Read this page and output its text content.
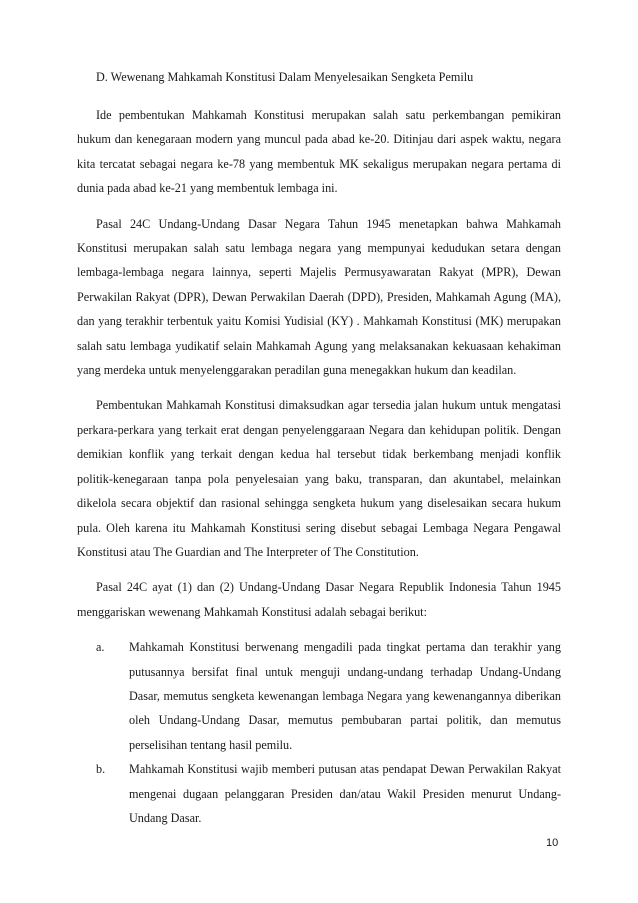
D. Wewenang Mahkamah Konstitusi Dalam Menyelesaikan Sengketa Pemilu

Ide pembentukan Mahkamah Konstitusi merupakan salah satu perkembangan pemikiran hukum dan kenegaraan modern yang muncul pada abad ke-20. Ditinjau dari aspek waktu, negara kita tercatat sebagai negara ke-78 yang membentuk MK sekaligus merupakan negara pertama di dunia pada abad ke-21 yang membentuk lembaga ini.

Pasal 24C Undang-Undang Dasar Negara Tahun 1945 menetapkan bahwa Mahkamah Konstitusi merupakan salah satu lembaga negara yang mempunyai kedudukan setara dengan lembaga-lembaga negara lainnya, seperti Majelis Permusyawaratan Rakyat (MPR), Dewan Perwakilan Rakyat (DPR), Dewan Perwakilan Daerah (DPD), Presiden, Mahkamah Agung (MA), dan yang terakhir terbentuk yaitu Komisi Yudisial (KY) . Mahkamah Konstitusi (MK) merupakan salah satu lembaga yudikatif selain Mahkamah Agung yang melaksanakan kekuasaan kehakiman yang merdeka untuk menyelenggarakan peradilan guna menegakkan hukum dan keadilan.

Pembentukan Mahkamah Konstitusi dimaksudkan agar tersedia jalan hukum untuk mengatasi perkara-perkara yang terkait erat dengan penyelenggaraan Negara dan kehidupan politik. Dengan demikian konflik yang terkait dengan kedua hal tersebut tidak berkembang menjadi konflik politik-kenegaraan tanpa pola penyelesaian yang baku, transparan, dan akuntabel, melainkan dikelola secara objektif dan rasional sehingga sengketa hukum yang diselesaikan secara hukum pula. Oleh karena itu Mahkamah Konstitusi sering disebut sebagai Lembaga Negara Pengawal Konstitusi atau The Guardian and The Interpreter of The Constitution.

Pasal 24C ayat (1) dan (2) Undang-Undang Dasar Negara Republik Indonesia Tahun 1945 menggariskan wewenang Mahkamah Konstitusi adalah sebagai berikut:

a. Mahkamah Konstitusi berwenang mengadili pada tingkat pertama dan terakhir yang putusannya bersifat final untuk menguji undang-undang terhadap Undang-Undang Dasar, memutus sengketa kewenangan lembaga Negara yang kewenangannya diberikan oleh Undang-Undang Dasar, memutus pembubaran partai politik, dan memutus perselisihan tentang hasil pemilu.
b. Mahkamah Konstitusi wajib memberi putusan atas pendapat Dewan Perwakilan Rakyat mengenai dugaan pelanggaran Presiden dan/atau Wakil Presiden menurut Undang-Undang Dasar.
10
